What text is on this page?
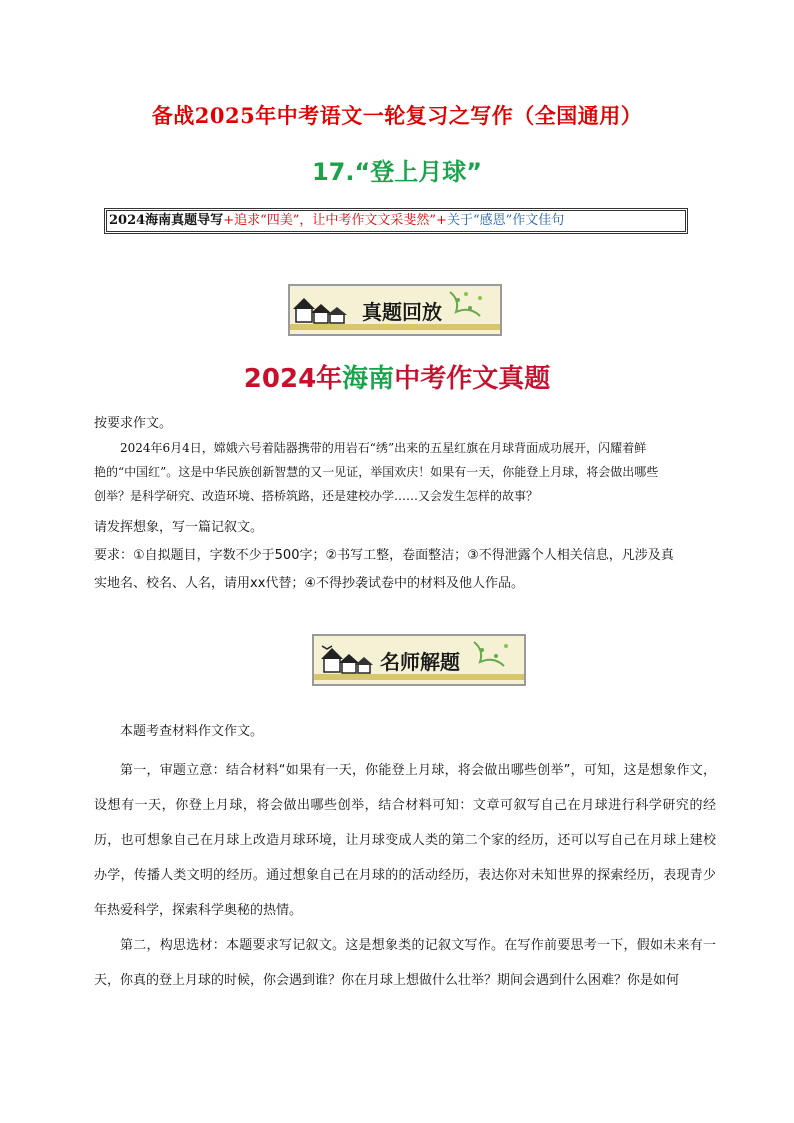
备战2025年中考语文一轮复习之写作（全国通用）
17.“登上月球”
2024海南真题导写+追求“四美”，让中考作文文采斐然”+关于“感恩”作文佳句
真题回放
2024年海南中考作文真题
按要求作文。
2024年6月4日，嫦娥六号着陆器携带的用岩石“绣”出来的五星红旗在月球背面成功展开，闪耀着鲜
艳的“中国红”。这是中华民族创新智慧的又一见证，举国欢庆！如果有一天，你能登上月球，将会做出哪些
创举？是科学研究、改造环境、搭桥筑路，还是建校办学……又会发生怎样的故事？
请发挥想象，写一篇记叙文。
要求：①自拟题目，字数不少于500字；②书写工整，卷面整洁；③不得泄露个人相关信息，凡涉及真
实地名、校名、人名，请用xx代替；④不得抄袭试卷中的材料及他人作品。
名师解题
本题考查材料作文作文。
第一，审题立意：结合材料“如果有一天，你能登上月球，将会做出哪些创举”，可知，这是想象作文，设想有一天，你登上月球，将会做出哪些创举，结合材料可知：文章可叙写自己在月球进行科学研究的经历，也可想象自己在月球上改造月球环境，让月球变成人类的第二个家的经历，还可以写自己在月球上建校办学，传播人类文明的经历。通过想象自己在月球的的活动经历，表达你对未知世界的探索经历，表现青少年热爱科学，探索科学奥秘的热情。
第二，构思选材：本题要求写记叙文。这是想象类的记叙文写作。在写作前要思考一下，假如未来有一天，你真的登上月球的时候，你会遇到谁？你在月球上想做什么壮举？期间会遇到什么困难？你是如何
